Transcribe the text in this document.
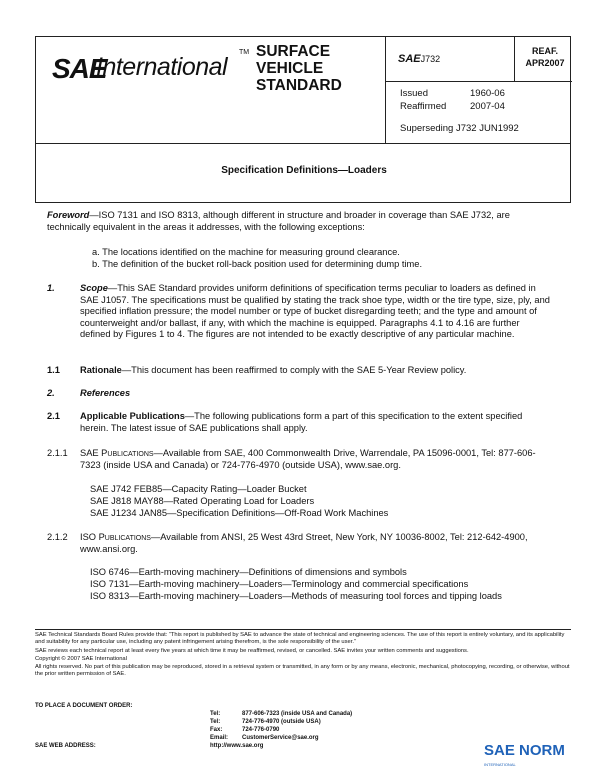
SAE
International
TM SURFACE
VEHICLE
STANDARD
SAEJ732
REAF.
APR2007
Issued	1960-06
Reaffirmed 2007-04
Superseding J732 JUN1992
Specification Definitions—Loaders
Foreword—ISO 7131 and ISO 8313, although different in structure and broader in coverage than SAE J732, are technically equivalent in the areas it addresses, with the following exceptions:
a. The locations identified on the machine for measuring ground clearance.
b. The definition of the bucket roll-back position used for determining dump time.
1.	Scope—This SAE Standard provides uniform definitions of specification terms peculiar to loaders as defined in SAE J1057. The specifications must be qualified by stating the track shoe type, width or the tire type, size, ply, and specified inflation pressure; the model number or type of bucket disregarding teeth; and the type and amount of counterweight and/or ballast, if any, with which the machine is equipped. Paragraphs 4.1 to 4.16 are further defined by Figures 1 to 4. The figures are not intended to be exactly descriptive of any particular machine.
1.1 Rationale—This document has been reaffirmed to comply with the SAE 5-Year Review policy.
2.	References
2.1	Applicable Publications—The following publications form a part of this specification to the extent specified herein. The latest issue of SAE publications shall apply.
2.1.1	SAE Publications—Available from SAE, 400 Commonwealth Drive, Warrendale, PA 15096-0001, Tel: 877-606-7323 (inside USA and Canada) or 724-776-4970 (outside USA), www.sae.org.
SAE J742 FEB85—Capacity Rating—Loader Bucket
SAE J818 MAY88—Rated Operating Load for Loaders
SAE J1234 JAN85—Specification Definitions—Off-Road Work Machines
2.1.2	ISO Publications—Available from ANSI, 25 West 43rd Street, New York, NY 10036-8002, Tel: 212-642-4900, www.ansi.org.
ISO 6746—Earth-moving machinery—Definitions of dimensions and symbols
ISO 7131—Earth-moving machinery—Loaders—Terminology and commercial specifications
ISO 8313—Earth-moving machinery—Loaders—Methods of measuring tool forces and tipping loads
SAE Technical Standards Board Rules provide that: “This report is published by SAE to advance the state of technical and engineering sciences. The use of this report is entirely voluntary, and its applicability and suitability for any particular use, including any patent infringement arising therefrom, is the sole responsibility of the user.”
SAE reviews each technical report at least every five years at which time it may be reaffirmed, revised, or cancelled. SAE invites your written comments and suggestions.
Copyright © 2007 SAE International
All rights reserved. No part of this publication may be reproduced, stored in a retrieval system or transmitted, in any form or by any means, electronic, mechanical, photocopying, recording, or otherwise, without the prior written permission of SAE.
TO PLACE A DOCUMENT ORDER:
Tel:	877-606-7323 (inside USA and Canada)
Tel:	724-776-4970 (outside USA)
Fax:	724-776-0790
Email: CustomerService@sae.org
SAE WEB ADDRESS:	http://www.sae.org	SAE NORM
INTERNATIONAL
